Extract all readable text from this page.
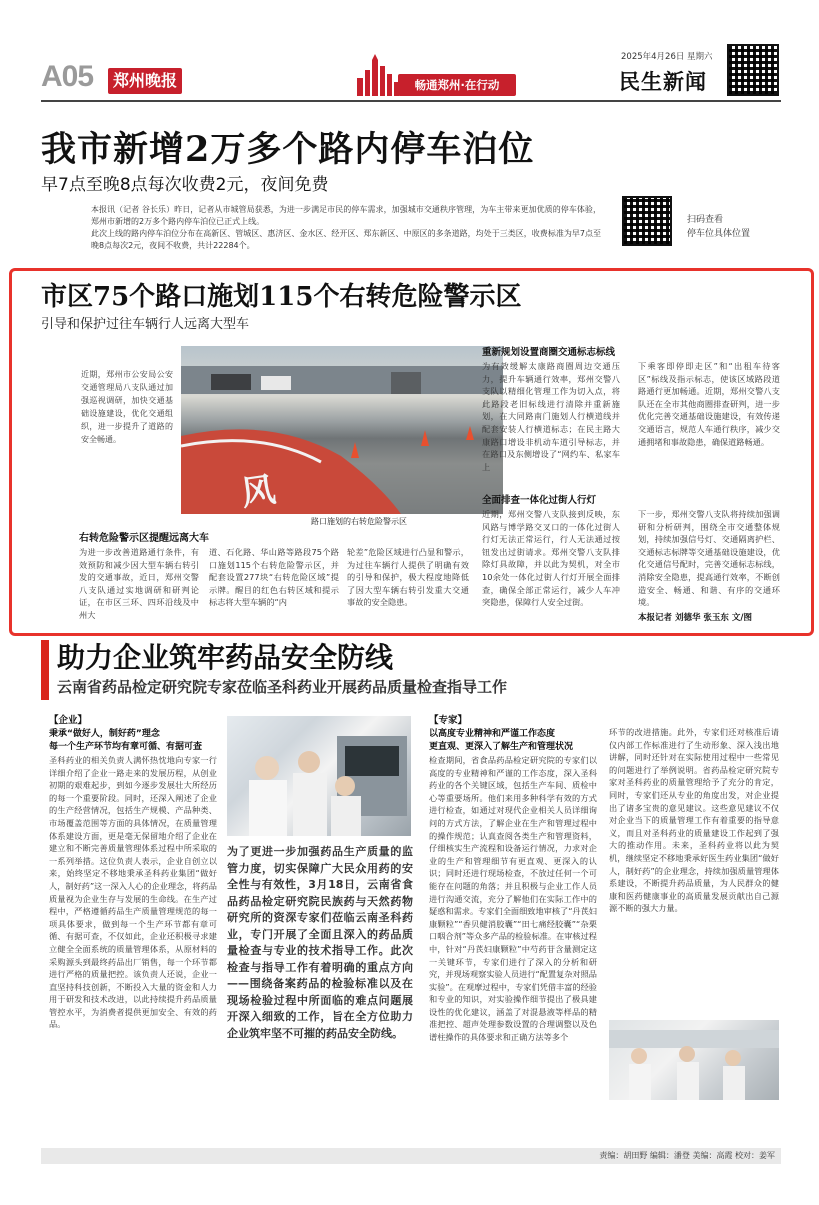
A05	郑州晚报	畅通郑州·在行动
2025年4月26日 星期六
民生新闻
我市新增2万多个路内停车泊位
早7点至晚8点每次收费2元，夜间免费
本报讯（记者 谷长乐）昨日，记者从市城管局获悉，为进一步满足市民的停车需求，加强城市交通秩序管理，为车主带来更加优质的停车体验，郑州市新增的2万多个路内停车泊位已正式上线。
此次上线的路内停车泊位分布在高新区、管城区、惠济区、金水区、经开区、郑东新区、中原区的多条道路，均处于三类区，收费标准为早7点至晚8点每次2元，夜间不收费，共计22284个。
扫码查看
停车位具体位置
市区75个路口施划115个右转危险警示区
引导和保护过往车辆行人远离大型车
近期，郑州市公安局公安交通管理局八支队通过加强巡视调研，加快交通基础设施建设，优化交通组织，进一步提升了道路的安全畅通。
风
路口施划的右转危险警示区
右转危险警示区提醒远离大车
为进一步改善道路通行条件，有效预防和减少因大型车辆右转引发的交通事故，近日，郑州交警八支队通过实地调研和研判论证，在市区三环、四环沿线及中州大
道、石化路、华山路等路段75个路口施划115个右转危险警示区，并配套设置277块“右转危险区域”提示牌。醒目的红色右转区域和提示标志将大型车辆的“内
轮差”危险区域进行凸显和警示，为过往车辆行人提供了明确有效的引导和保护，极大程度地降低了因大型车辆右转引发重大交通事故的安全隐患。
重新规划设置商圈交通标志标线
为有效缓解太康路商圈周边交通压力，提升车辆通行效率，郑州交警八支队以精细化管理工作为切入点，将此路段老旧标线进行清除并重新施划，在大同路南门施划人行横道线并配套安装人行横道标志；在民主路大康路口增设非机动车道引导标志，并在路口及东侧增设了“网约车、私家车上
下乘客即停即走区”和“出租车待客区”标线及指示标志，使该区域路段道路通行更加畅通。近期，郑州交警八支队还在全市其他商圈排查研判，进一步优化完善交通基础设施建设，有效传递交通语言，规范人车通行秩序，减少交通拥堵和事故隐患，确保道路畅通。
全面排查一体化过街人行灯
近期，郑州交警八支队接到反映，东风路与博学路交叉口的一体化过街人行灯无法正常运行，行人无法通过按钮发出过街请求。郑州交警八支队排除灯具故障，并以此为契机，对全市10余处一体化过街人行灯开展全面排查，确保全部正常运行，减少人车冲突隐患，保障行人安全过街。
下一步，郑州交警八支队将持续加强调研和分析研判，围绕全市交通整体规划，持续加强信号灯、交通隔离护栏、交通标志标牌等交通基础设施建设，优化交通信号配时，完善交通标志标线，消除安全隐患，提高通行效率，不断创造安全、畅通、和谐、有序的交通环境。
本报记者 刘德华 张玉东 文/图
助力企业筑牢药品安全防线
云南省药品检定研究院专家莅临圣科药业开展药品质量检查指导工作
【企业】
秉承“做好人，制好药”理念
每一个生产环节均有章可循、有据可查
圣科药业的相关负责人满怀热忱地向专家一行详细介绍了企业一路走来的发展历程，从创业初期的艰难起步，到如今逐步发展壮大所经历的每一个重要阶段。同时，还深入阐述了企业的生产经营情况，包括生产规模、产品种类、市场覆盖范围等方面的具体情况，在质量管理体系建设方面，更是毫无保留地介绍了企业在建立和不断完善质量管理体系过程中所采取的一系列举措。这位负责人表示，企业自创立以来，始终坚定不移地秉承圣科药业集团“做好人，制好药”这一深入人心的企业理念，将药品质量视为企业生存与发展的生命线。在生产过程中，严格遵循药品生产质量管理规范的每一项具体要求，做到每一个生产环节都有章可循、有据可查，不仅如此，企业还积极寻求建立健全全面系统的质量管理体系，从原材料的采购源头到最终药品出厂销售，每一个环节都进行严格的质量把控。该负责人还说，企业一直坚持科技创新，不断投入大量的资金和人力用于研发和技术改进，以此持续提升药品质量管控水平，为消费者提供更加安全、有效的药品。
为了更进一步加强药品生产质量的监管力度，切实保障广大民众用药的安全性与有效性，3月18日，云南省食品药品检定研究院民族药与天然药物研究所的资深专家们莅临云南圣科药业，专门开展了全面且深入的药品质量检查与专业的技术指导工作。此次检查与指导工作有着明确的重点方向——围绕备案药品的检验标准以及在现场检验过程中所面临的难点问题展开深入细致的工作，旨在全方位助力企业筑牢坚不可摧的药品安全防线。
【专家】
以高度专业精神和严谨工作态度
更直观、更深入了解生产和管理状况
检查期间，省食品药品检定研究院的专家们以高度的专业精神和严谨的工作态度，深入圣科药业的各个关键区域，包括生产车间、质检中心等重要场所。他们来用多种科学有效的方式进行检查，如通过对现代企业相关人员详细询问的方式方法，了解企业在生产和管理过程中的操作规范；认真查阅各类生产和管理资料，仔细核实生产流程和设备运行情况，力求对企业的生产和管理细节有更直观、更深入的认识；同时还进行现场检查，不放过任何一个可能存在问题的角落；并且积极与企业工作人员进行沟通交流，充分了解他们在实际工作中的疑惑和需求。专家们全面细致地审核了“丹芪妇康颗粒”“香贝健消胶囊”“田七痛经胶囊”“杂栗口咽合剂”等众多产品的检验标准。在审核过程中，针对“丹芪妇康颗粒”中芍药苷含量测定这一关键环节，专家们进行了深入的分析和研究，并现场观察实验人员进行“配置复杂对照品实验”。在观摩过程中，专家们凭借丰富的经验和专业的知识，对实验操作细节提出了极具建设性的优化建议，涵盖了对混悬液等样品的精准把控、超声处理参数设置的合理调整以及色谱柱操作的具体要求和正确方法等多个
环节的改进措施。此外，专家们还对核准后请仪内部工作标准进行了生动形象、深入浅出地讲解，同时还针对在实际使用过程中一些常见的问题进行了举例说明。省药品检定研究院专家对圣科药业的质量管理给予了充分的肯定，同时，专家们还从专业的角度出发，对企业提出了诸多宝贵的意见建议。这些意见建议不仅对企业当下的质量管理工作有着重要的指导意义，而且对圣科药业的质量建设工作起到了强大的推动作用。未来，圣科药业将以此为契机，继续坚定不移地秉承好医生药业集团“做好人，制好药”的企业理念，持续加强质量管理体系建设，不断提升药品质量，为人民群众的健康和医药健康事业的高质量发展贡献出自己源源不断的强大力量。
责编：胡田野 编辑：潘登 美编：高霞 校对：姜军
